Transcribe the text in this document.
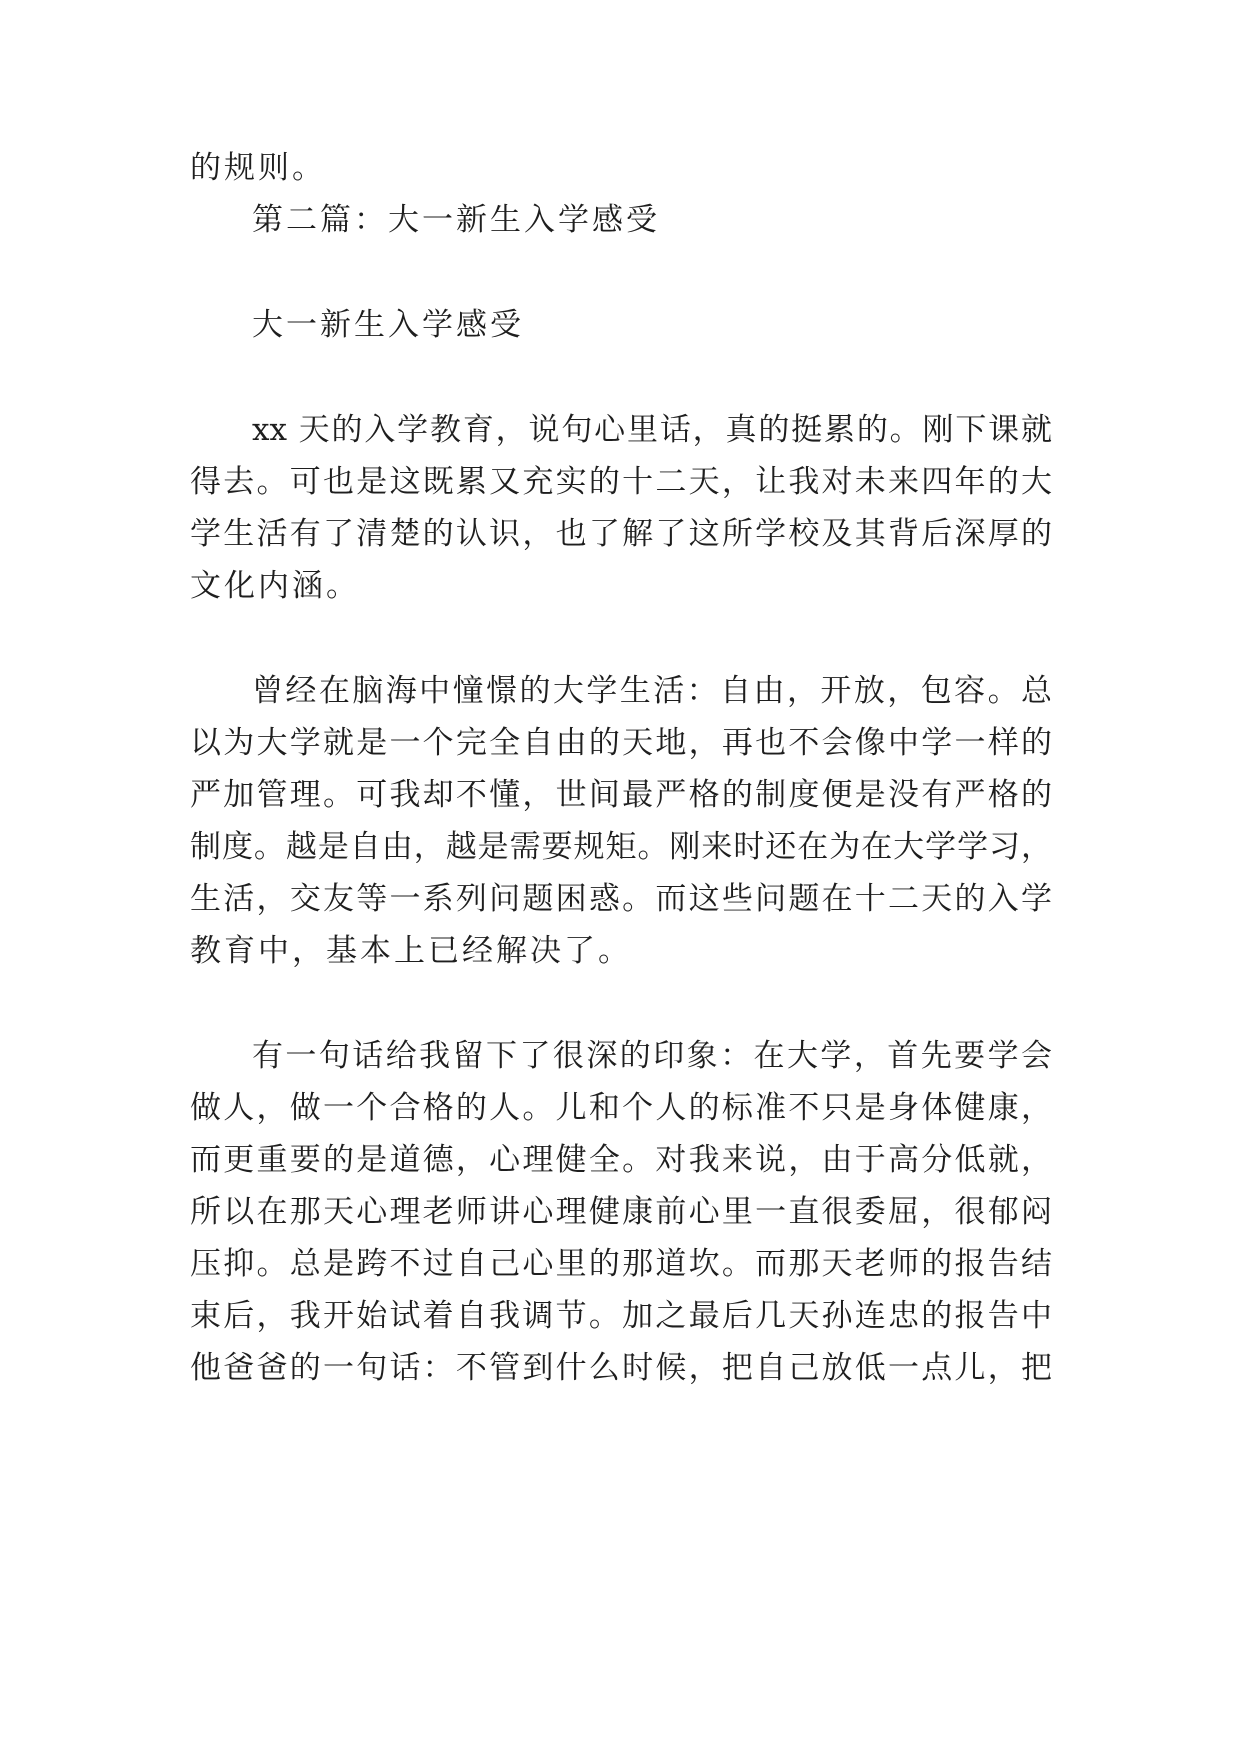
的规则。
第二篇：大一新生入学感受
大一新生入学感受
xx 天的入学教育，说句心里话，真的挺累的。刚下课就
得去。可也是这既累又充实的十二天，让我对未来四年的大
学生活有了清楚的认识，也了解了这所学校及其背后深厚的
文化内涵。
曾经在脑海中憧憬的大学生活：自由，开放，包容。总
以为大学就是一个完全自由的天地，再也不会像中学一样的
严加管理。可我却不懂，世间最严格的制度便是没有严格的
制度。越是自由，越是需要规矩。刚来时还在为在大学学习，
生活，交友等一系列问题困惑。而这些问题在十二天的入学
教育中，基本上已经解决了。
有一句话给我留下了很深的印象：在大学，首先要学会
做人，做一个合格的人。儿和个人的标准不只是身体健康，
而更重要的是道德，心理健全。对我来说，由于高分低就，
所以在那天心理老师讲心理健康前心里一直很委屈，很郁闷
压抑。总是跨不过自己心里的那道坎。而那天老师的报告结
束后，我开始试着自我调节。加之最后几天孙连忠的报告中
他爸爸的一句话：不管到什么时候，把自己放低一点儿，把
